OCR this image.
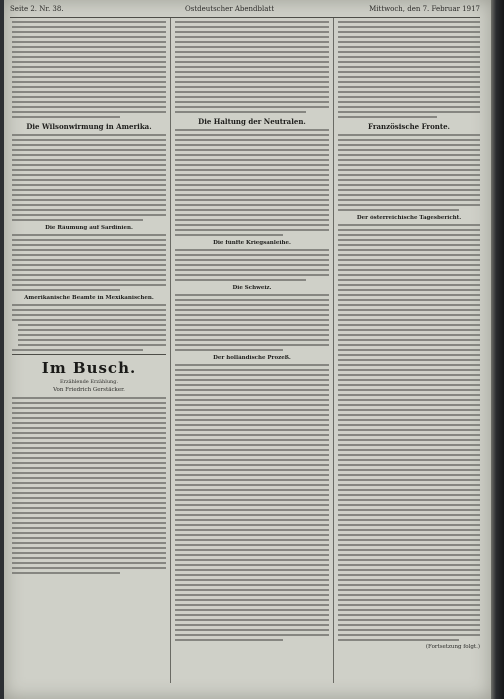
Seite 2. Nr. 38.	Ostdeutscher Abendblatt	Mittwoch, den 7. Februar 1917
Die Wilsonwirmung in Amerika.
Die Räumung auf Sardinien.
Amerikanische Beamte in Mexikanischen.
Im Busch.
Erzählende Erzählung.
Von Friedrich Gerstäcker.
Die Haltung der Neutralen.
Die fünfte Kriegsanleihe.
Die Schweiz.
Der holländische Prozeß.
Französische Fronte.
Der österreichische Tagesbericht.
(Fortsetzung folgt.)
